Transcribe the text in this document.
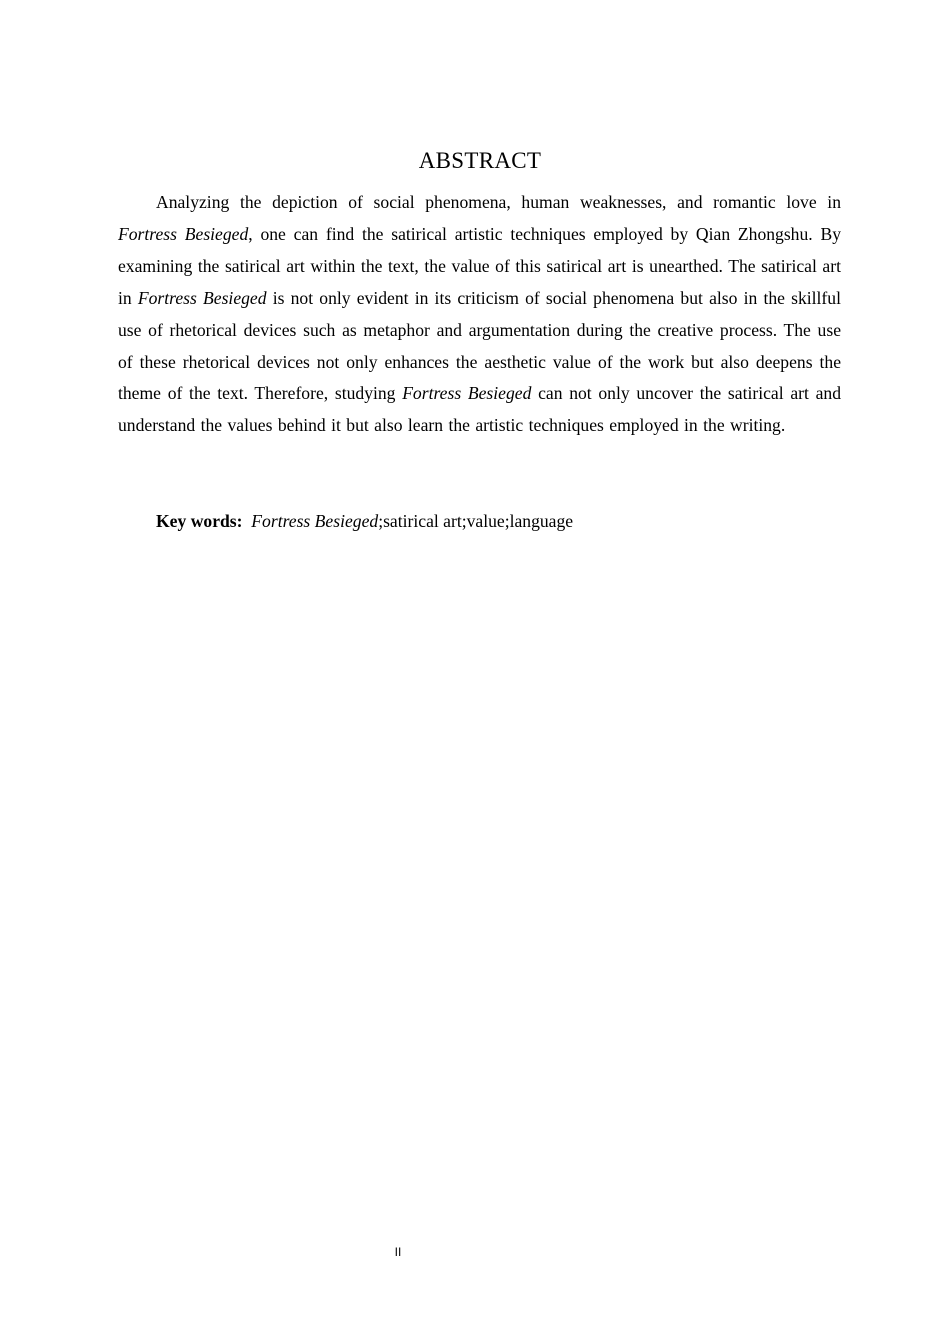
ABSTRACT

Analyzing the depiction of social phenomena, human weaknesses, and romantic love in Fortress Besieged, one can find the satirical artistic techniques employed by Qian Zhongshu. By examining the satirical art within the text, the value of this satirical art is unearthed. The satirical art in Fortress Besieged is not only evident in its criticism of social phenomena but also in the skillful use of rhetorical devices such as metaphor and argumentation during the creative process. The use of these rhetorical devices not only enhances the aesthetic value of the work but also deepens the theme of the text. Therefore, studying Fortress Besieged can not only uncover the satirical art and understand the values behind it but also learn the artistic techniques employed in the writing.

Key words: Fortress Besieged;satirical art;value;language

II
